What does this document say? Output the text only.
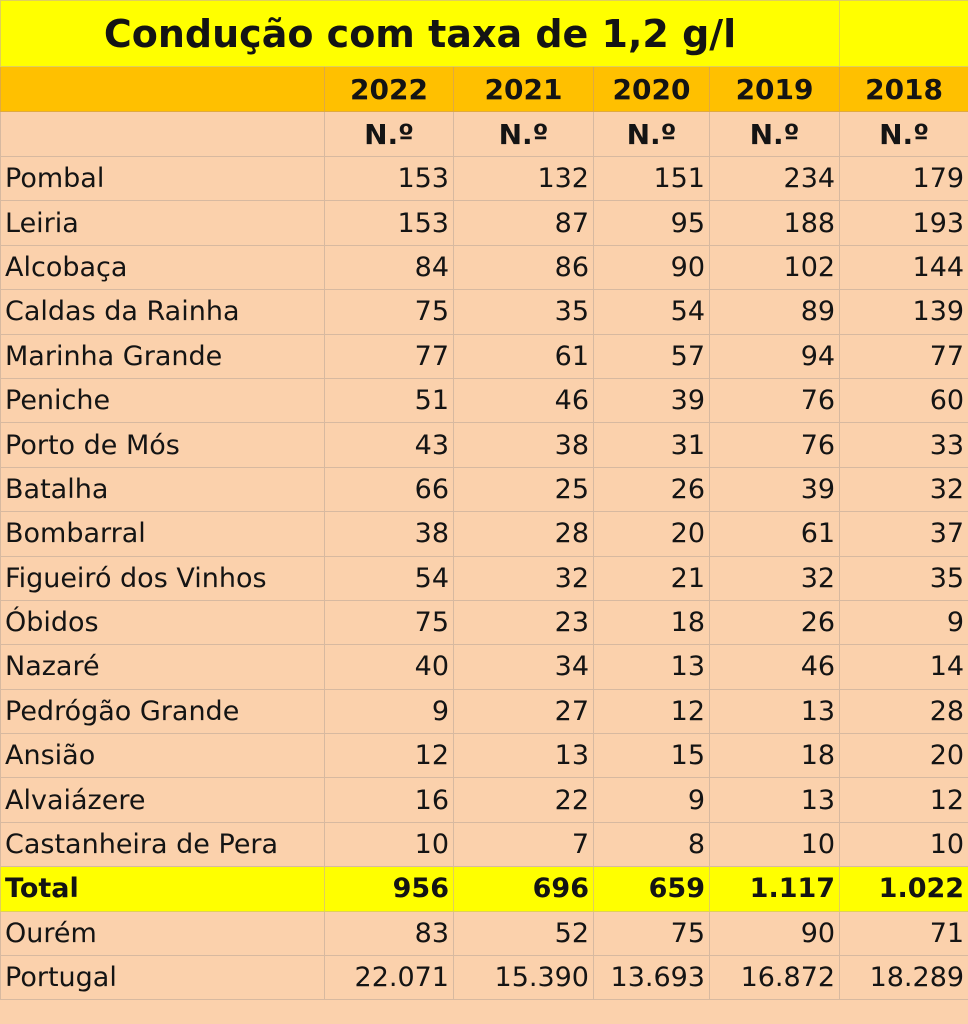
Condução com taxa de 1,2 g/l					
	2022	2021	2020	2019	2018
	N.º	N.º	N.º	N.º	N.º
Pombal	153	132	151	234	179
Leiria	153	87	95	188	193
Alcobaça	84	86	90	102	144
Caldas da Rainha	75	35	54	89	139
Marinha Grande	77	61	57	94	77
Peniche	51	46	39	76	60
Porto de Mós	43	38	31	76	33
Batalha	66	25	26	39	32
Bombarral	38	28	20	61	37
Figueiró dos Vinhos	54	32	21	32	35
Óbidos	75	23	18	26	9
Nazaré	40	34	13	46	14
Pedrógão Grande	9	27	12	13	28
Ansião	12	13	15	18	20
Alvaiázere	16	22	9	13	12
Castanheira de Pera	10	7	8	10	10
Total	956	696	659	1.117	1.022
Ourém	83	52	75	90	71
Portugal	22.071	15.390	13.693	16.872	18.289
